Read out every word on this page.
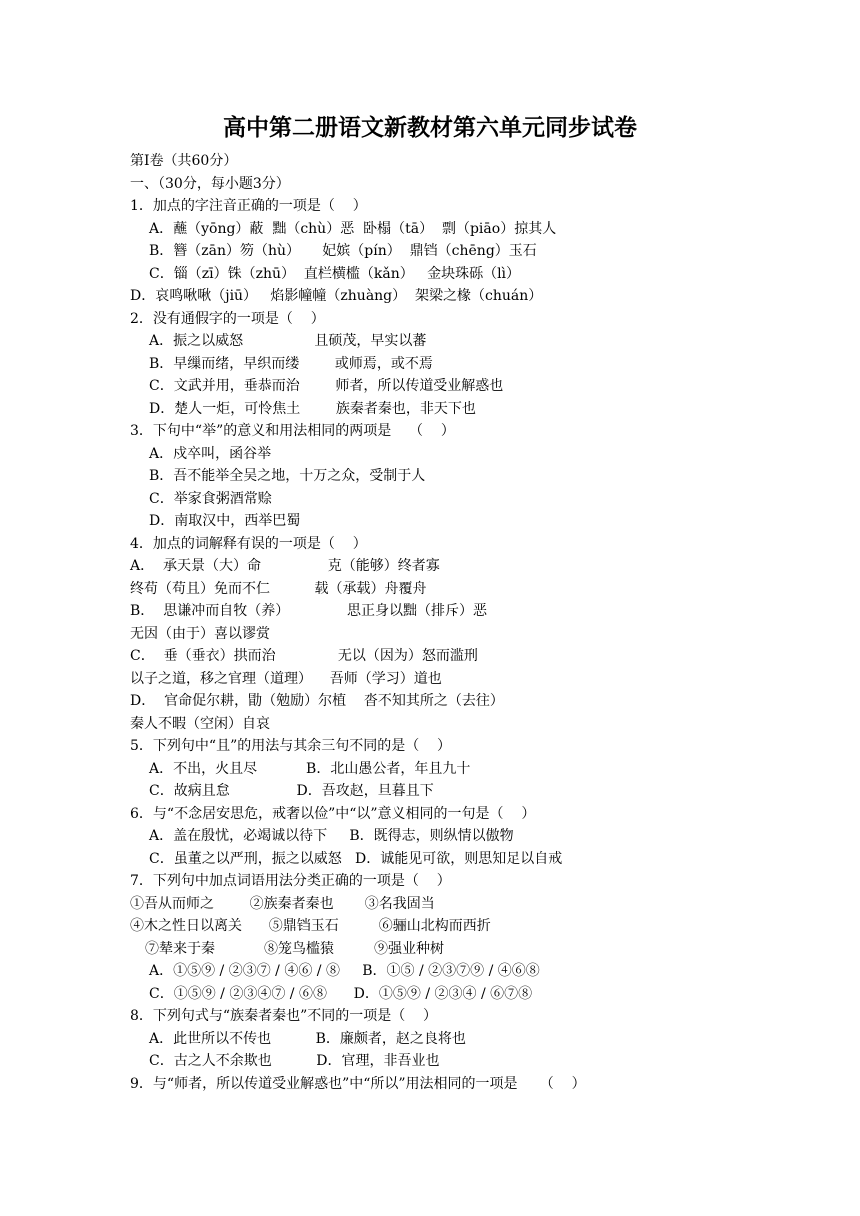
高中第二册语文新教材第六单元同步试卷

第Ⅰ卷（共60分）

一、（30分，每小题3分）

1．加点的字注音正确的一项是（    ）

A．蘸（yōng）蔽  黜（chù）恶  卧榻（tā）  剽（piāo）掠其人

B．簪（zān）笏（hù）     妃嫔（pín）  鼎铛（chēng）玉石

C．锱（zī）铢（zhū）  直栏横槛（kǎn）   金块珠砾（lì）

D．哀鸣啾啾（jiū）   焰影幢幢（zhuàng）  架梁之椽（chuán）

2．没有通假字的一项是（    ）

A．振之以威怒                且硕茂，早实以蕃

B．早缫而绪，早织而缕        或师焉，或不焉

C．文武并用，垂恭而治        师者，所以传道受业解惑也

D．楚人一炬，可怜焦土        族秦者秦也，非天下也

3．下句中“举”的意义和用法相同的两项是    （    ）

A．戍卒叫，函谷举

B．吾不能举全吴之地，十万之众，受制于人

C．举家食粥酒常赊

D．南取汉中，西举巴蜀

4．加点的词解释有误的一项是（    ）

A．  承天景（大）命               克（能够）终者寡

终苟（苟且）免而不仁          载（承载）舟覆舟

B．  思谦冲而自牧（养）             思正身以黜（排斥）恶

无因（由于）喜以谬赏

C．  垂（垂衣）拱而治              无以（因为）怒而滥刑

以子之道，移之官理（道理）    吾师（学习）道也

D．  官命促尔耕，勖（勉励）尔植    沓不知其所之（去往）

秦人不暇（空闲）自哀

5．下列句中“且”的用法与其余三句不同的是（    ）

A．不出，火且尽           B．北山愚公者，年且九十

C．故病且怠               D．吾攻赵，旦暮且下

6．与“不念居安思危，戒奢以俭”中“以”意义相同的一句是（    ）

A．盖在殷忧，必竭诚以待下     B．既得志，则纵情以傲物

C．虽董之以严刑，振之以威怒   D．诚能见可欲，则思知足以自戒

7．下列句中加点词语用法分类正确的一项是（    ）

①吾从而师之        ②族秦者秦也       ③名我固当

④木之性日以离关      ⑤鼎铛玉石         ⑥骊山北构而西折

⑦辇来于秦           ⑧笼鸟槛猿         ⑨强业种树

A．①⑤⑨ / ②③⑦ / ④⑥ / ⑧     B．①⑤ / ②③⑦⑨ / ④⑥⑧

C．①⑤⑨ / ②③④⑦ / ⑥⑧      D．①⑤⑨ / ②③④ / ⑥⑦⑧

8．下列句式与“族秦者秦也”不同的一项是（    ）

A．此世所以不传也          B．廉颇者，赵之良将也

C．古之人不余欺也          D．官理，非吾业也

9．与“师者，所以传道受业解惑也”中“所以”用法相同的一项是     （    ）
